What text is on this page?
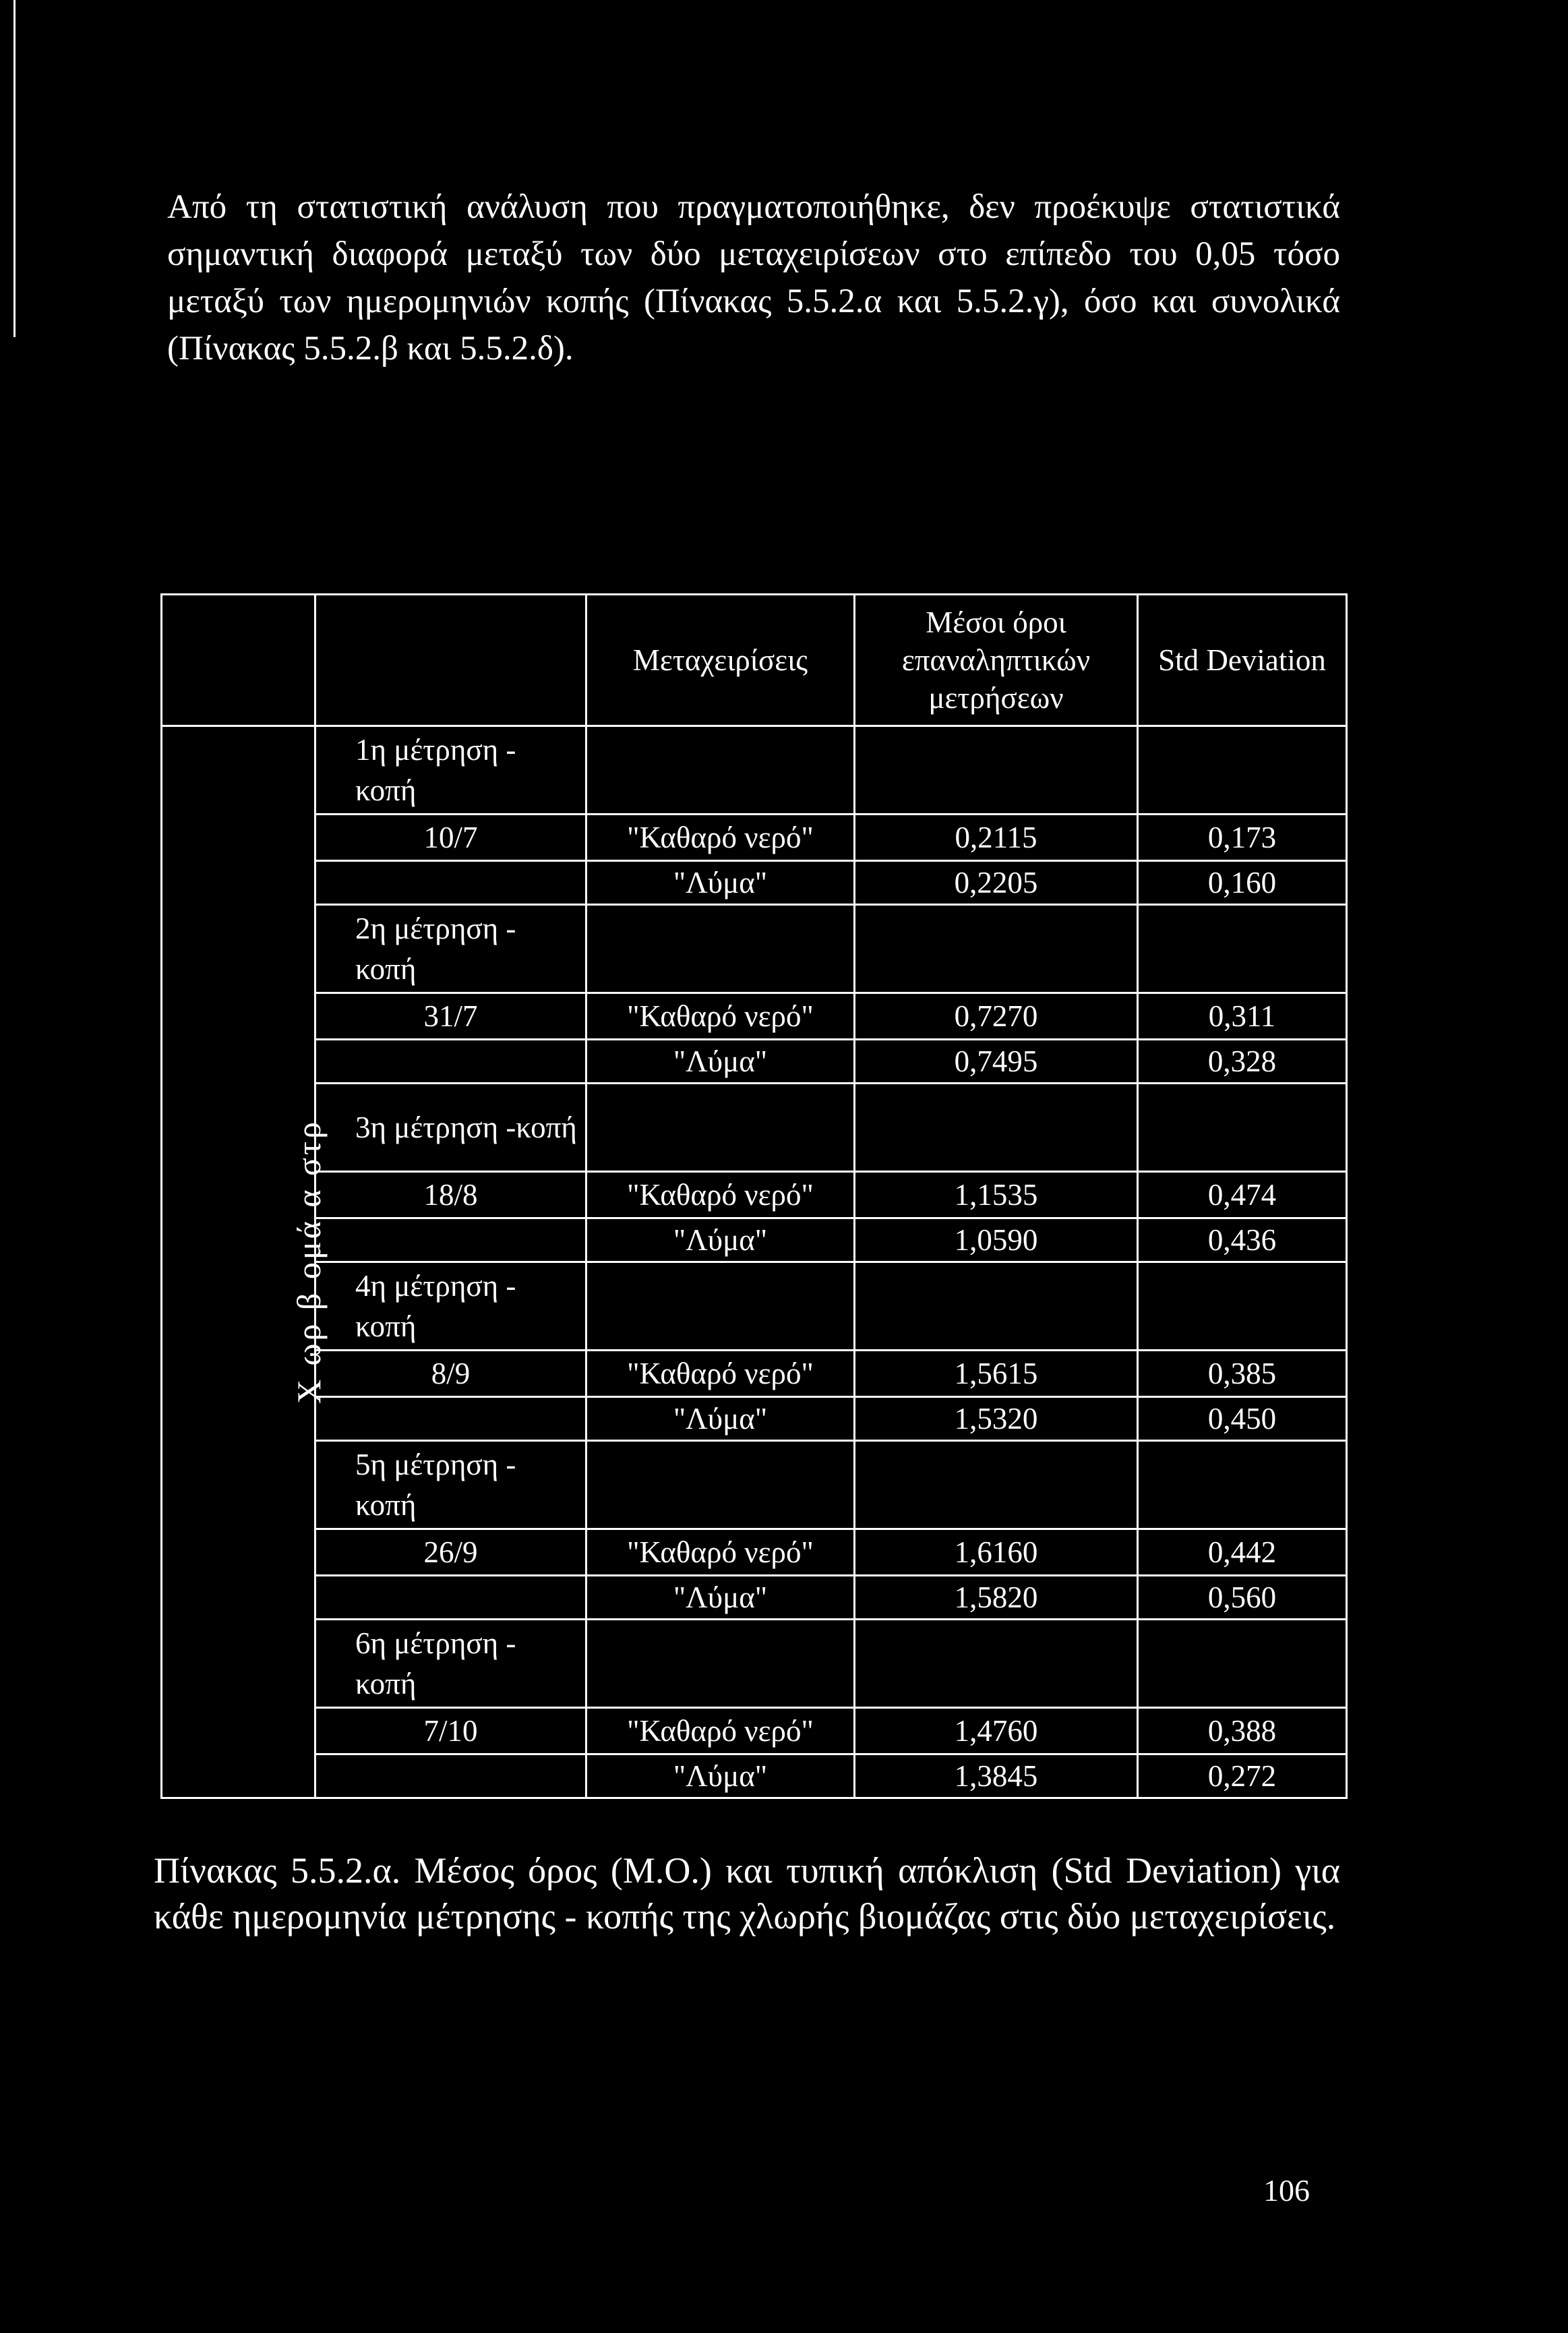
Από τη στατιστική ανάλυση που πραγματοποιήθηκε, δεν προέκυψε στατιστικά σημαντική διαφορά μεταξύ των δύο μεταχειρίσεων στο επίπεδο του 0,05 τόσο μεταξύ των ημερομηνιών κοπής (Πίνακας 5.5.2.α και 5.5.2.γ), όσο και συνολικά (Πίνακας 5.5.2.β και 5.5.2.δ).

		Μεταχειρίσεις	Μέσοι όροι επαναληπτικών μετρήσεων	Std Deviation
Χ ωρ β ομά α στρ	1η μέτρηση - κοπή			
	10/7	"Καθαρό νερό"	0,2115	0,173
		"Λύμα"	0,2205	0,160
	2η μέτρηση - κοπή			
	31/7	"Καθαρό νερό"	0,7270	0,311
		"Λύμα"	0,7495	0,328
	3η μέτρηση -κοπή			
	18/8	"Καθαρό νερό"	1,1535	0,474
		"Λύμα"	1,0590	0,436
	4η μέτρηση - κοπή			
	8/9	"Καθαρό νερό"	1,5615	0,385
		"Λύμα"	1,5320	0,450
	5η μέτρηση - κοπή			
	26/9	"Καθαρό νερό"	1,6160	0,442
		"Λύμα"	1,5820	0,560
	6η μέτρηση - κοπή			
	7/10	"Καθαρό νερό"	1,4760	0,388
		"Λύμα"	1,3845	0,272

Πίνακας 5.5.2.α. Μέσος όρος (Μ.Ο.) και τυπική απόκλιση (Std Deviation) για κάθε ημερομηνία μέτρησης - κοπής της χλωρής βιομάζας στις δύο μεταχειρίσεις.

106
